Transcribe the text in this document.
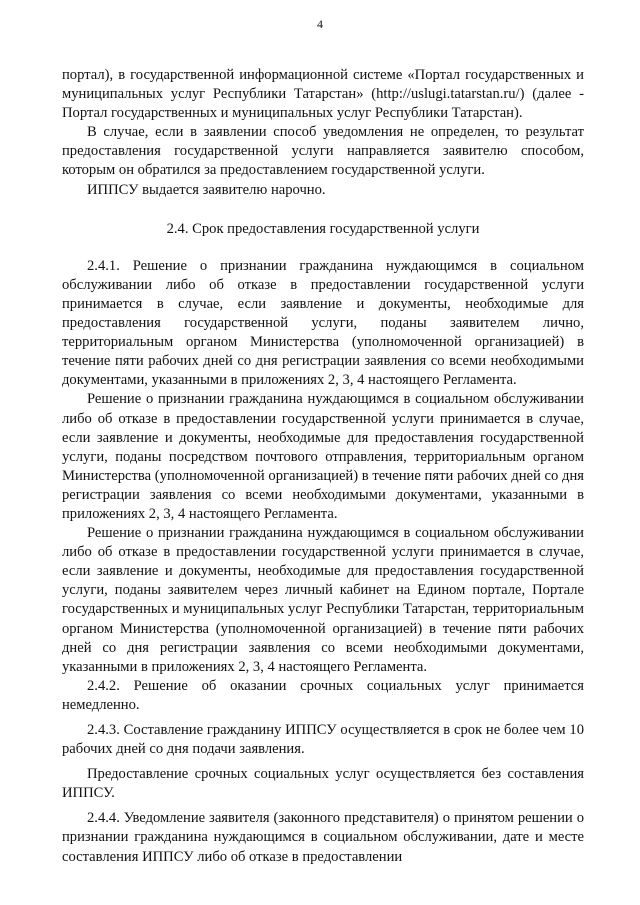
4

портал), в государственной информационной системе «Портал государственных и муниципальных услуг Республики Татарстан» (http://uslugi.tatarstan.ru/) (далее - Портал государственных и муниципальных услуг Республики Татарстан).

В случае, если в заявлении способ уведомления не определен, то результат предоставления государственной услуги направляется заявителю способом, которым он обратился за предоставлением государственной услуги.

ИППСУ выдается заявителю нарочно.

2.4. Срок предоставления государственной услуги

2.4.1. Решение о признании гражданина нуждающимся в социальном обслуживании либо об отказе в предоставлении государственной услуги принимается в случае, если заявление и документы, необходимые для предоставления государственной услуги, поданы заявителем лично, территориальным органом Министерства (уполномоченной организацией) в течение пяти рабочих дней со дня регистрации заявления со всеми необходимыми документами, указанными в приложениях 2, 3, 4 настоящего Регламента.

Решение о признании гражданина нуждающимся в социальном обслуживании либо об отказе в предоставлении государственной услуги принимается в случае, если заявление и документы, необходимые для предоставления государственной услуги, поданы посредством почтового отправления, территориальным органом Министерства (уполномоченной организацией) в течение пяти рабочих дней со дня регистрации заявления со всеми необходимыми документами, указанными в приложениях 2, 3, 4 настоящего Регламента.

Решение о признании гражданина нуждающимся в социальном обслуживании либо об отказе в предоставлении государственной услуги принимается в случае, если заявление и документы, необходимые для предоставления государственной услуги, поданы заявителем через личный кабинет на Едином портале, Портале государственных и муниципальных услуг Республики Татарстан, территориальным органом Министерства (уполномоченной организацией) в течение пяти рабочих дней со дня регистрации заявления со всеми необходимыми документами, указанными в приложениях 2, 3, 4 настоящего Регламента.

2.4.2. Решение об оказании срочных социальных услуг принимается немедленно.

2.4.3. Составление гражданину ИППСУ осуществляется в срок не более чем 10 рабочих дней со дня подачи заявления.

Предоставление срочных социальных услуг осуществляется без составления ИППСУ.

2.4.4. Уведомление заявителя (законного представителя) о принятом решении о признании гражданина нуждающимся в социальном обслуживании, дате и месте составления ИППСУ либо об отказе в предоставлении
